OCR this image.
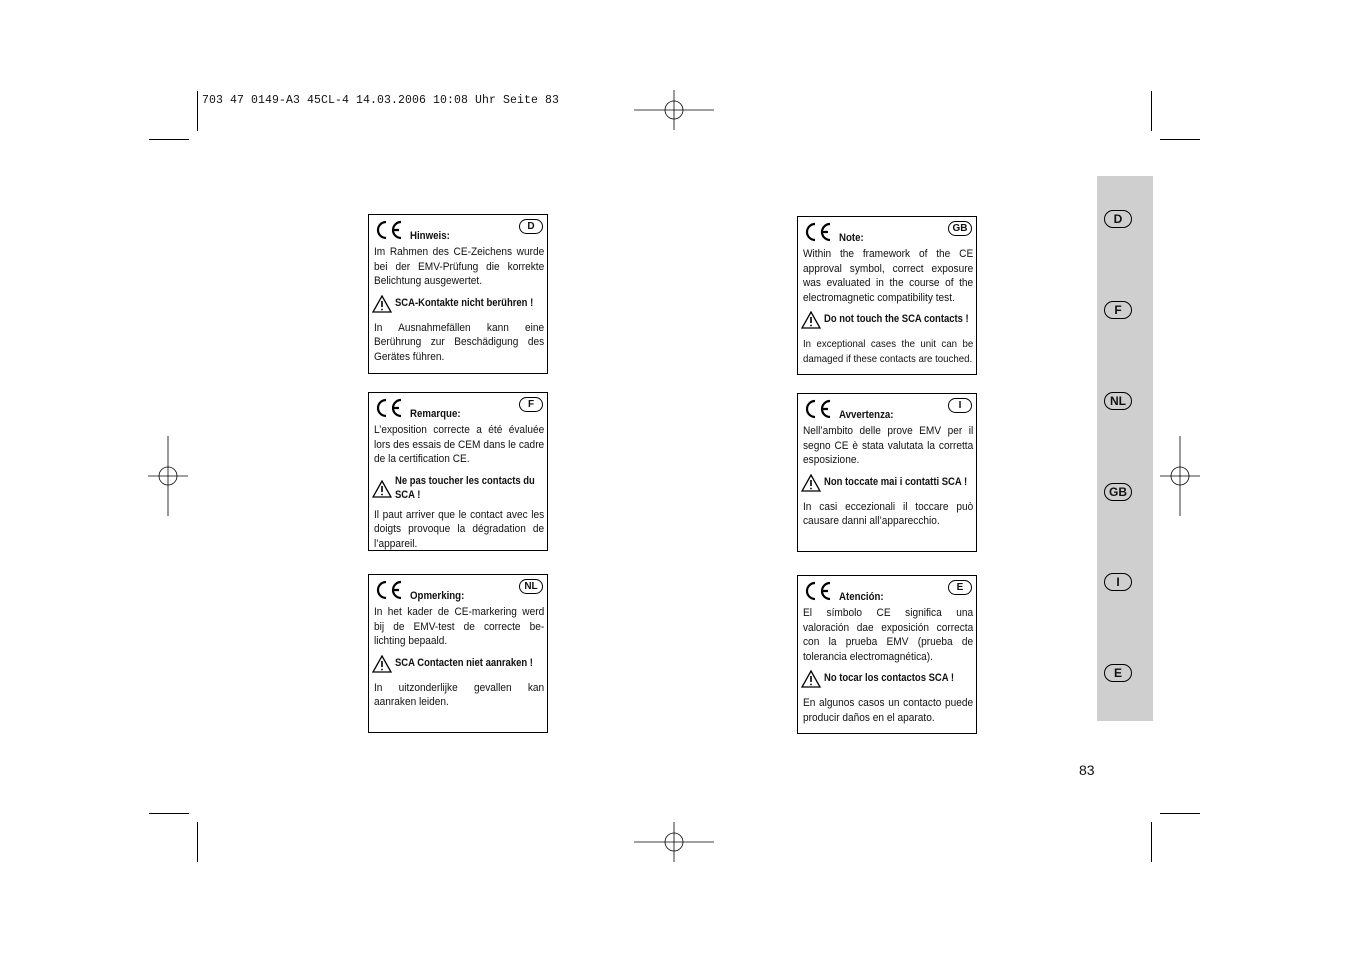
703 47 0149-A3 45CL-4 14.03.2006 10:08 Uhr Seite 83
Hinweis:
D
Im Rahmen des CE-Zeichens wurde bei der EMV-Prüfung die korrekte Belichtung ausgewertet.
SCA-Kontakte nicht berühren !
In Ausnahmefällen kann eine Berührung zur Beschädigung des Gerätes führen.
Remarque:
F
L’exposition correcte a été évaluée lors des essais de CEM dans le cadre de la certification CE.
Ne pas toucher les contacts du SCA !
Il paut arriver que le contact avec les doigts provoque la dégradation de l’appareil.
Opmerking:
NL
In het kader de CE-markering werd bij de EMV-test de correcte be-lichting bepaald.
SCA Contacten niet aanraken !
In uitzonderlijke gevallen kan aanraken leiden.
Note:
GB
Within the framework of the CE approval symbol, correct exposure was evaluated in the course of the electromagnetic compatibility test.
Do not touch the SCA contacts !
In exceptional cases the unit can be damaged if these contacts are touched.
Avvertenza:
I
Nell’ambito delle prove EMV per il segno CE è stata valutata la corretta esposizione.
Non toccate mai i contatti SCA !
In casi eccezionali il toccare può causare danni all’apparecchio.
Atención:
E
El símbolo CE significa una valoración dae exposición correcta con la prueba EMV (prueba de tolerancia electromagnética).
No tocar los contactos SCA !
En algunos casos un contacto puede producir daños en el aparato.
D
F
NL
GB
I
E
83
